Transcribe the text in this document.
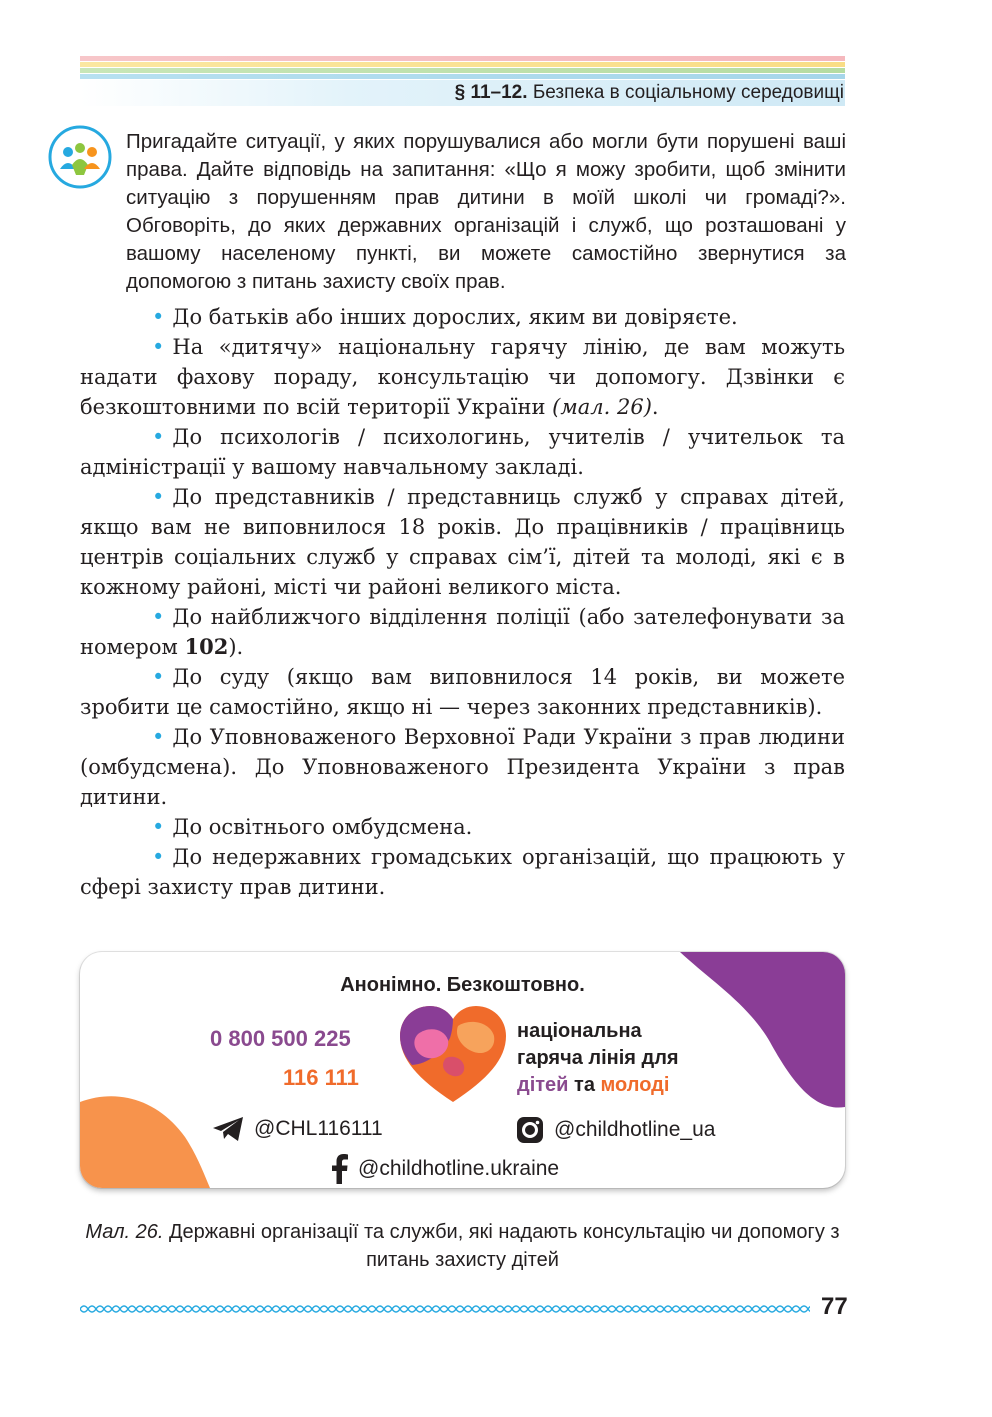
§ 11–12. Безпека в соціальному середовищі

Пригадайте ситуації, у яких порушувалися або могли бути порушені ваші права. Дайте відповідь на запитання: «Що я можу зробити, щоб змінити ситуацію з порушенням прав дитини в моїй школі чи громаді?». Обговоріть, до яких державних організацій і служб, що розташовані у вашому населеному пункті, ви можете самостійно звернутися за допомогою з питань захисту своїх прав.

• До батьків або інших дорослих, яким ви довіряєте.

• На «дитячу» національну гарячу лінію, де вам можуть надати фахову пораду, консультацію чи допомогу. Дзвінки є безкоштовними по всій території України (мал. 26).

• До психологів / психологинь, учителів / учительок та адміністрації у вашому навчальному закладі.

• До представників / представниць служб у справах дітей, якщо вам не виповнилося 18 років. До працівників / працівниць центрів соціальних служб у справах сім’ї, дітей та молоді, які є в кожному районі, місті чи районі великого міста.

• До найближчого відділення поліції (або зателефонувати за номером 102).

• До суду (якщо вам виповнилося 14 років, ви можете зробити це самостійно, якщо ні — через законних представників).

• До Уповноваженого Верховної Ради України з прав людини (омбудсмена). До Уповноваженого Президента України з прав дитини.

• До освітнього омбудсмена.

• До недержавних громадських організацій, що працюють у сфері захисту прав дитини.

Анонімно. Безкоштовно.
0 800 500 225
116 111
національна
гаряча лінія для
дітей та молоді
@CHL116111	@childhotline_ua
@childhotline.ukraine
Мал. 26. Державні організації та служби, які надають консультацію чи допомогу з питань захисту дітей
77
